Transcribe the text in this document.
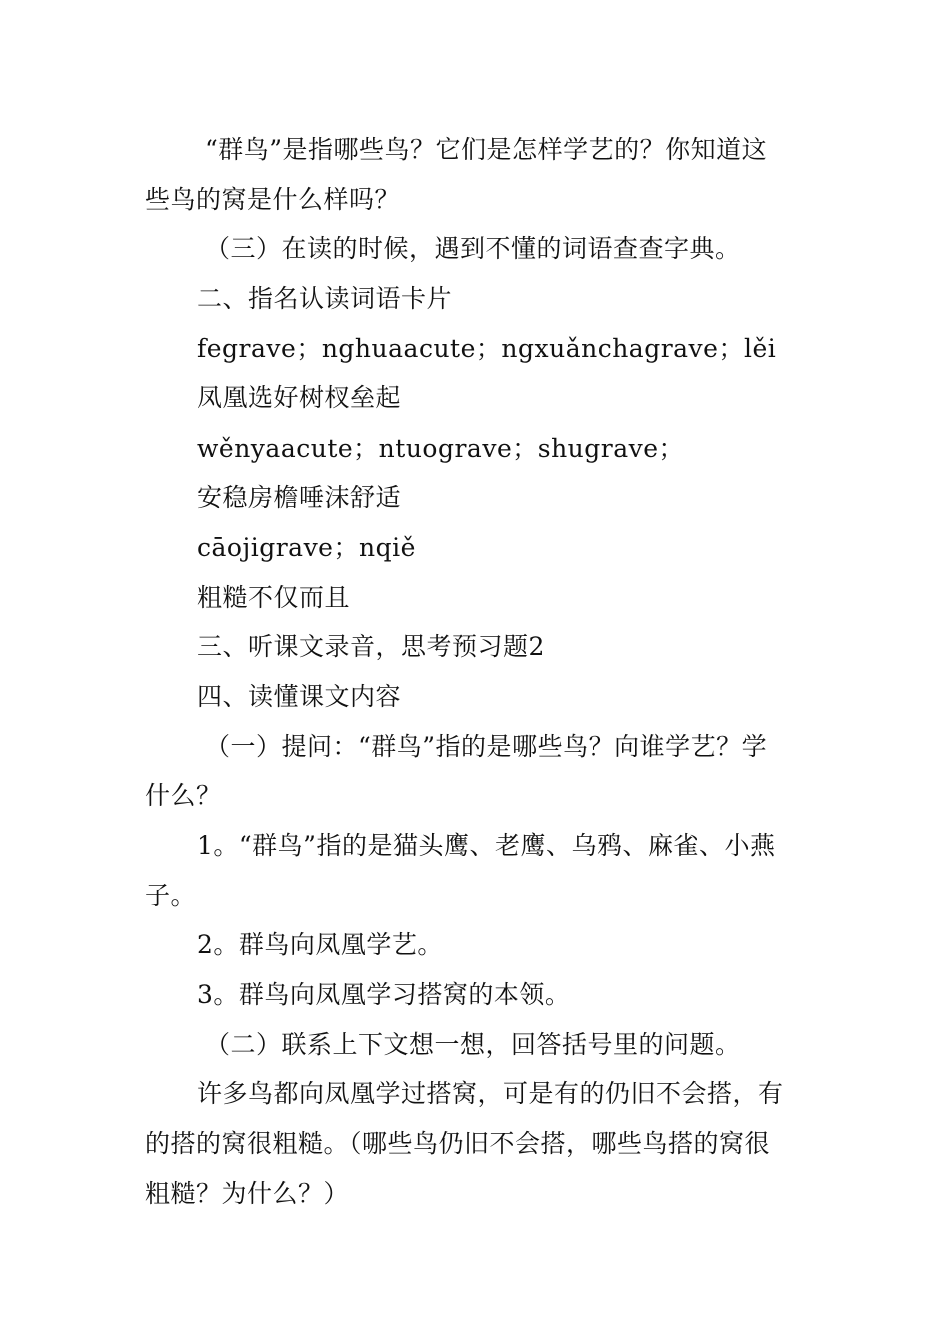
“群鸟”是指哪些鸟？它们是怎样学艺的？你知道这
些鸟的窝是什么样吗？
（三）在读的时候，遇到不懂的词语查查字典。
二、指名认读词语卡片
fegrave；nghuaacute；ngxuǎnchagrave；lěi
凤凰选好树杈垒起
wěnyaacute；ntuograve；shugrave；
安稳房檐唾沫舒适
cāojigrave；nqiě
粗糙不仅而且
三、听课文录音，思考预习题2
四、读懂课文内容
（一）提问：“群鸟”指的是哪些鸟？向谁学艺？学
什么？
1。“群鸟”指的是猫头鹰、老鹰、乌鸦、麻雀、小燕
子。
2。群鸟向凤凰学艺。
3。群鸟向凤凰学习搭窝的本领。
（二）联系上下文想一想，回答括号里的问题。
许多鸟都向凤凰学过搭窝，可是有的仍旧不会搭，有
的搭的窝很粗糙。（哪些鸟仍旧不会搭，哪些鸟搭的窝很
粗糙？为什么？）
